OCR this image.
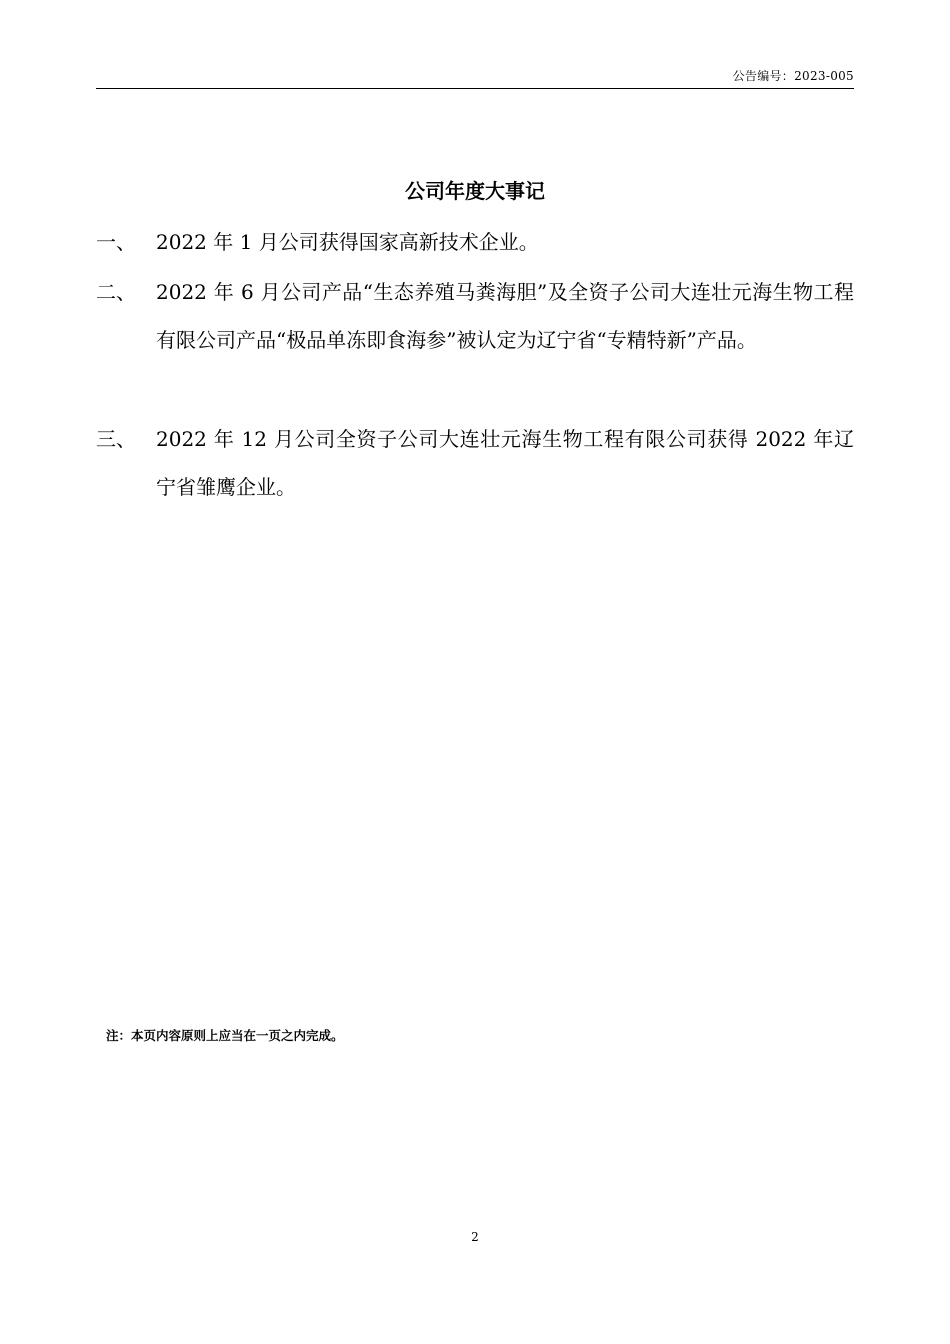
公告编号：2023-005
公司年度大事记
一、	2022 年 1 月公司获得国家高新技术企业。
二、	2022 年 6 月公司产品“生态养殖马粪海胆”及全资子公司大连壮元海生物工程有限公司产品“极品单冻即食海参”被认定为辽宁省“专精特新”产品。
三、	2022 年 12 月公司全资子公司大连壮元海生物工程有限公司获得 2022 年辽宁省雏鹰企业。
注：本页内容原则上应当在一页之内完成。
2
